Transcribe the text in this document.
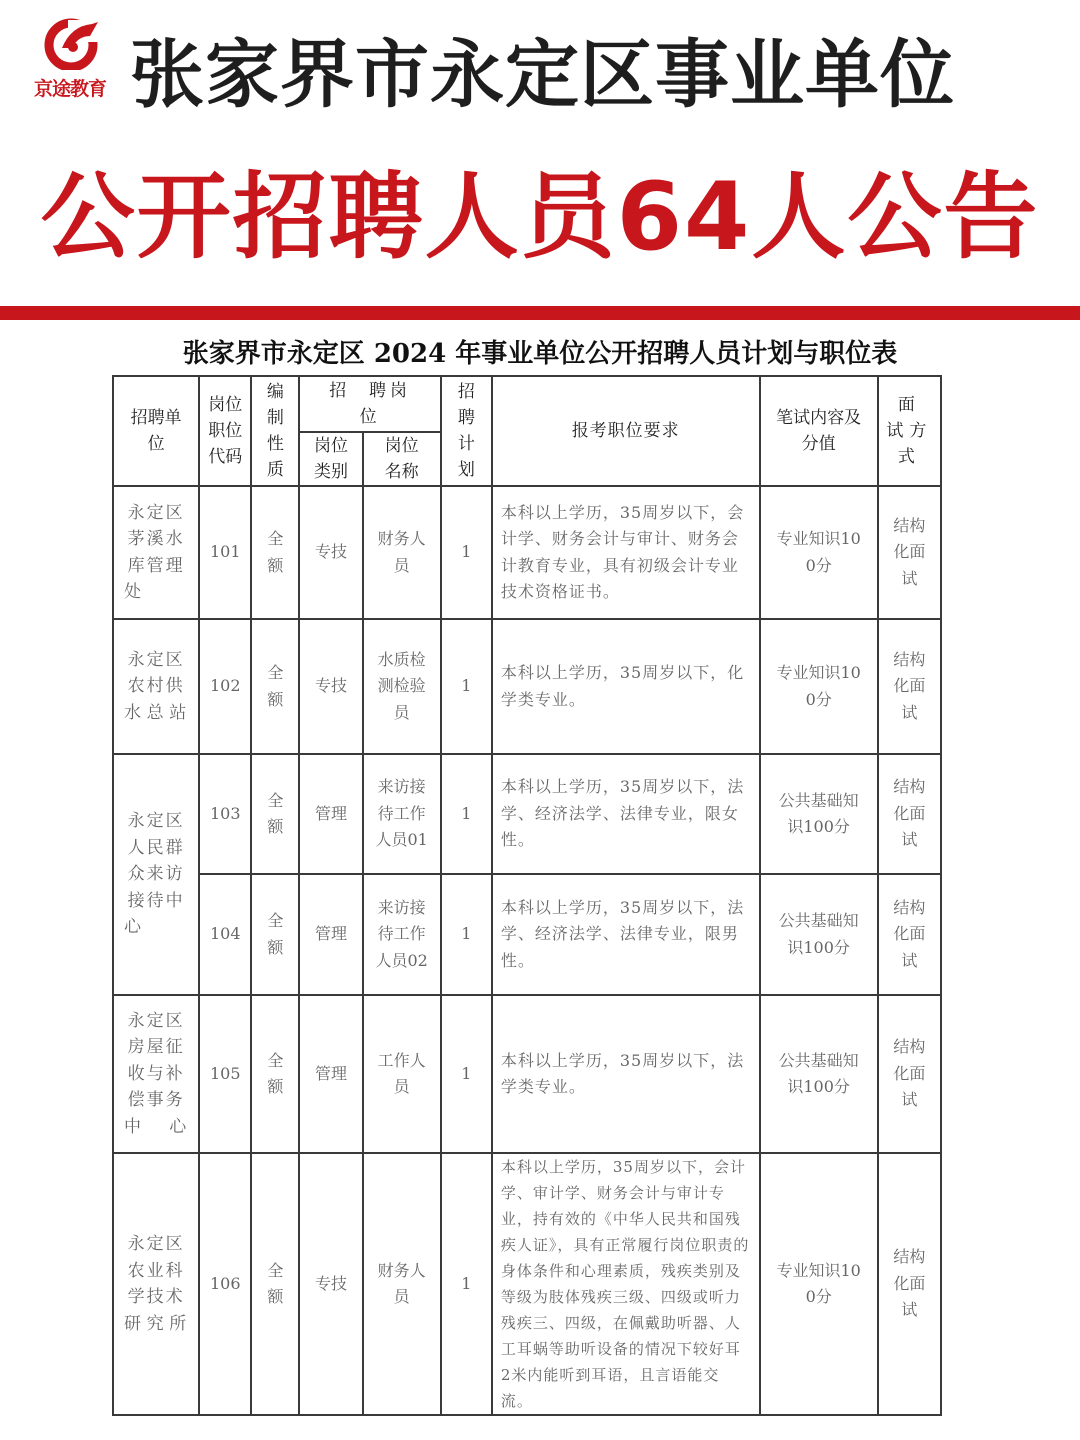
京途教育 张家界市永定区事业单位
公开招聘人员64人公告
张家界市永定区 2024 年事业单位公开招聘人员计划与职位表
招聘单位	岗位职位代码	编制性质	招  聘岗  位		招聘计划	报考职位要求	笔试内容及分值	面 试方 式
			岗位类别	岗位名称				
永定区茅溪水库管理处	101	全额	专技	财务人员	1	本科以上学历，35周岁以下，会计学、财务会计与审计、财务会计教育专业，具有初级会计专业技术资格证书。	专业知识100分	结构化面试
永定区农村供水总站	102	全额	专技	水质检测检验员	1	本科以上学历，35周岁以下，化学类专业。	专业知识100分	结构化面试
永定区人民群众来访接待中心	103	全额	管理	来访接待工作人员01	1	本科以上学历，35周岁以下，法学、经济法学、法律专业，限女性。	公共基础知识100分	结构化面试
	104	全额	管理	来访接待工作人员02	1	本科以上学历，35周岁以下，法学、经济法学、法律专业，限男性。	公共基础知识100分	结构化面试
永定区房屋征收与补偿事务中心	105	全额	管理	工作人员	1	本科以上学历，35周岁以下，法学类专业。	公共基础知识100分	结构化面试
永定区农业科学技术研究所	106	全额	专技	财务人员	1	本科以上学历，35周岁以下，会计学、审计学、财务会计与审计专业，持有效的《中华人民共和国残疾人证》，具有正常履行岗位职责的身体条件和心理素质，残疾类别及等级为肢体残疾三级、四级或听力残疾三、四级，在佩戴助听器、人工耳蜗等助听设备的情况下较好耳2米内能听到耳语，且言语能交流。	专业知识100分	结构化面试
